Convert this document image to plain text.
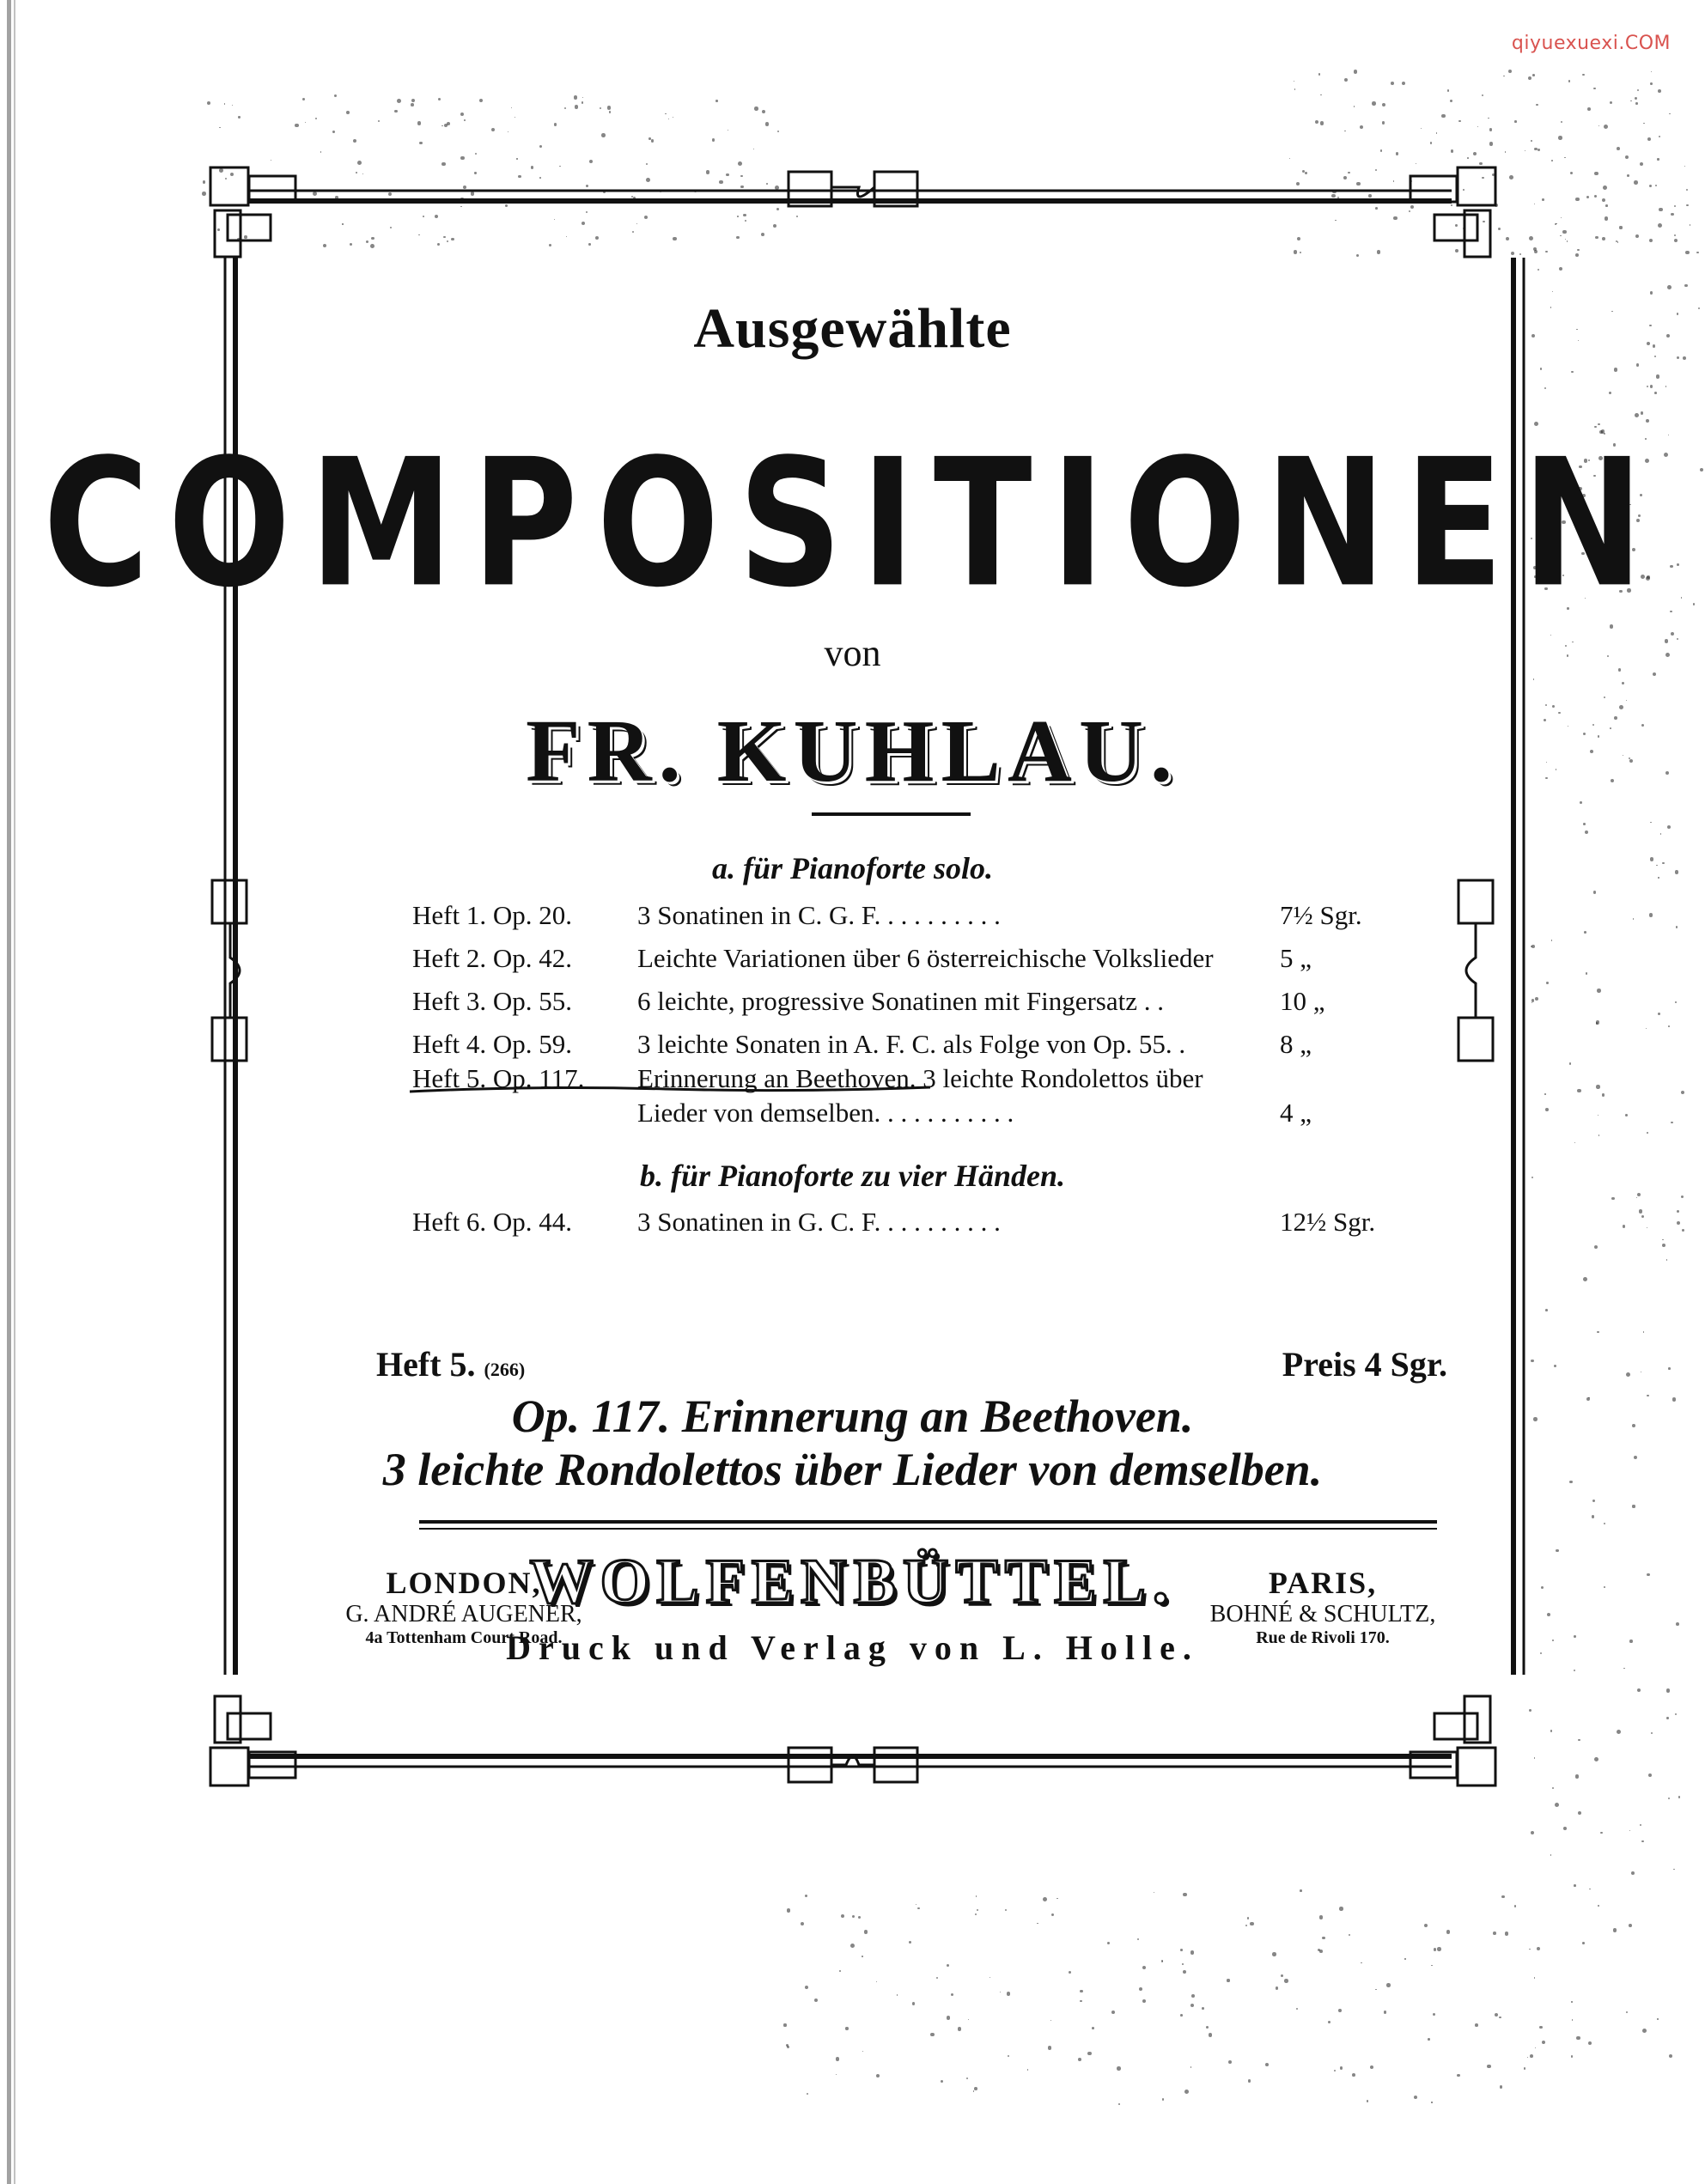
qiyuexuexi.COM
Ausgewählte
COMPOSITIONEN
von
FR. KUHLAU.
a. für Pianoforte solo.
Heft 1. Op. 20.	3 Sonatinen in C. G. F. . . . . . . . . .	7½ Sgr.
Heft 2. Op. 42.	Leichte Variationen über 6 österreichische Volkslieder	5 „
Heft 3. Op. 55.	6 leichte, progressive Sonatinen mit Fingersatz . .	10 „
Heft 4. Op. 59.	3 leichte Sonaten in A. F. C. als Folge von Op. 55. .	8 „
Heft 5. Op. 117.	Erinnerung an Beethoven. 3 leichte Rondolettos über
Lieder von demselben. . . . . . . . . . .	4 „
b. für Pianoforte zu vier Händen.
Heft 6. Op. 44.	3 Sonatinen in G. C. F. . . . . . . . . .	12½ Sgr.
Heft 5. (266)	Preis 4 Sgr.
Op. 117. Erinnerung an Beethoven.
3 leichte Rondolettos über Lieder von demselben.
LONDON,
G. ANDRÉ AUGENER,
4a Tottenham Court Road.
WOLFENBÜTTEL.
Druck und Verlag von L. Holle.
PARIS,
BOHNÉ & SCHULTZ,
Rue de Rivoli 170.
